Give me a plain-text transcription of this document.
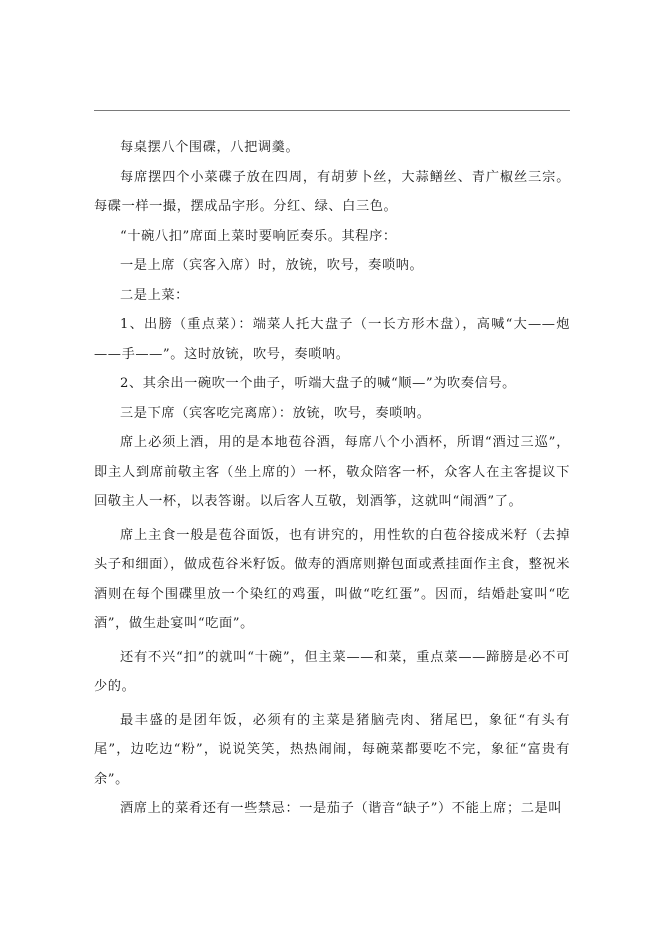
每桌摆八个围碟，八把调羹。

每席摆四个小菜碟子放在四周，有胡萝卜丝，大蒜鳝丝、青广椒丝三宗。每碟一样一撮，摆成品字形。分红、绿、白三色。

“十碗八扣”席面上菜时要响匠奏乐。其程序：

一是上席（宾客入席）时，放铳，吹号，奏唢呐。

二是上菜：

1、出膀（重点菜）：端菜人托大盘子（一长方形木盘），高喊“大——炮——手——”。这时放铳，吹号，奏唢呐。

2、其余出一碗吹一个曲子，听端大盘子的喊“顺—”为吹奏信号。

三是下席（宾客吃完离席）：放铳，吹号，奏唢呐。

席上必须上酒，用的是本地苞谷酒，每席八个小酒杯，所谓“酒过三巡”，即主人到席前敬主客（坐上席的）一杯，敬众陪客一杯，众客人在主客提议下回敬主人一杯，以表答谢。以后客人互敬，划酒筝，这就叫“闹酒”了。

席上主食一般是苞谷面饭，也有讲究的，用性软的白苞谷接成米籽（去掉头子和细面），做成苞谷米籽饭。做寿的酒席则擀包面或煮挂面作主食，整祝米酒则在每个围碟里放一个染红的鸡蛋，叫做“吃红蛋”。因而，结婚赴宴叫“吃酒”，做生赴宴叫“吃面”。

还有不兴“扣”的就叫“十碗”，但主菜——和菜，重点菜——蹄膀是必不可少的。

最丰盛的是团年饭，必须有的主菜是猪脑壳肉、猪尾巴，象征“有头有尾”，边吃边“粉”，说说笑笑，热热闹闹，每碗菜都要吃不完，象征“富贵有余”。

酒席上的菜肴还有一些禁忌：一是茄子（谐音“缺子”）不能上席；二是叫
